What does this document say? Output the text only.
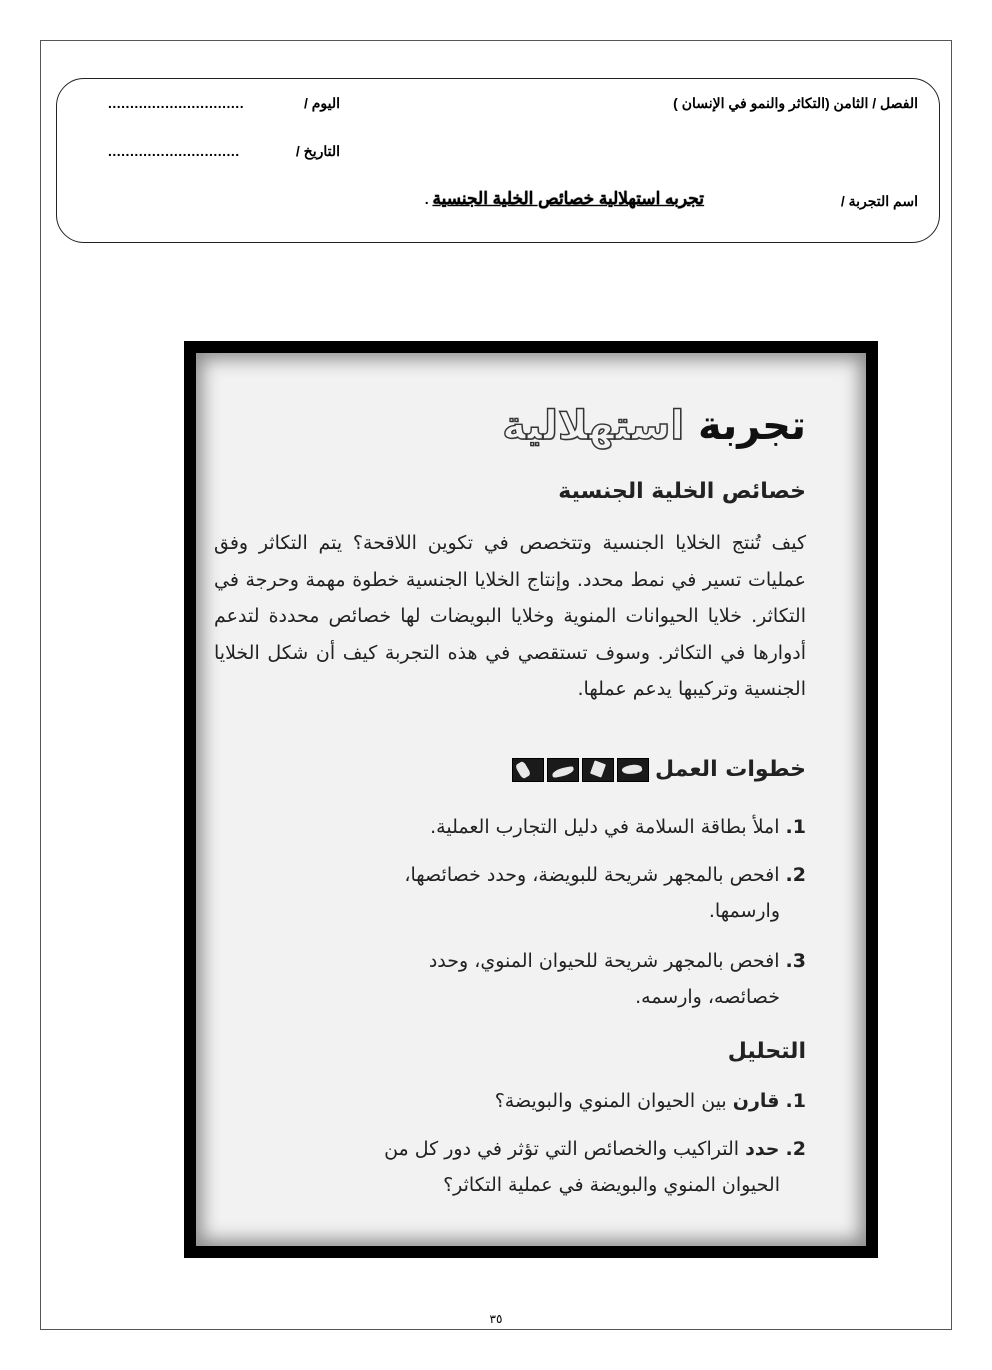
الفصل / الثامن (التكاثر والنمو في الإنسان )
اليوم /
...............................
التاريخ /
..............................
اسم التجربة /
تجربه استهلالية خصائص الخلية الجنسية .
تجربة استهلالية
خصائص الخلية الجنسية
كيف تُنتج الخلايا الجنسية وتتخصص في تكوين اللاقحة؟ يتم التكاثر وفق عمليات تسير في نمط محدد. وإنتاج الخلايا الجنسية خطوة مهمة وحرجة في التكاثر. خلايا الحيوانات المنوية وخلايا البويضات لها خصائص محددة لتدعم أدوارها في التكاثر. وسوف تستقصي في هذه التجربة كيف أن شكل الخلايا الجنسية وتركيبها يدعم عملها.
خطوات العمل
1. املأ بطاقة السلامة في دليل التجارب العملية.
2. افحص بالمجهر شريحة للبويضة، وحدد خصائصها،
وارسمها.
3. افحص بالمجهر شريحة للحيوان المنوي، وحدد
خصائصه، وارسمه.
التحليل
1. قارن بين الحيوان المنوي والبويضة؟
2. حدد التراكيب والخصائص التي تؤثر في دور كل من
الحيوان المنوي والبويضة في عملية التكاثر؟
٣٥
